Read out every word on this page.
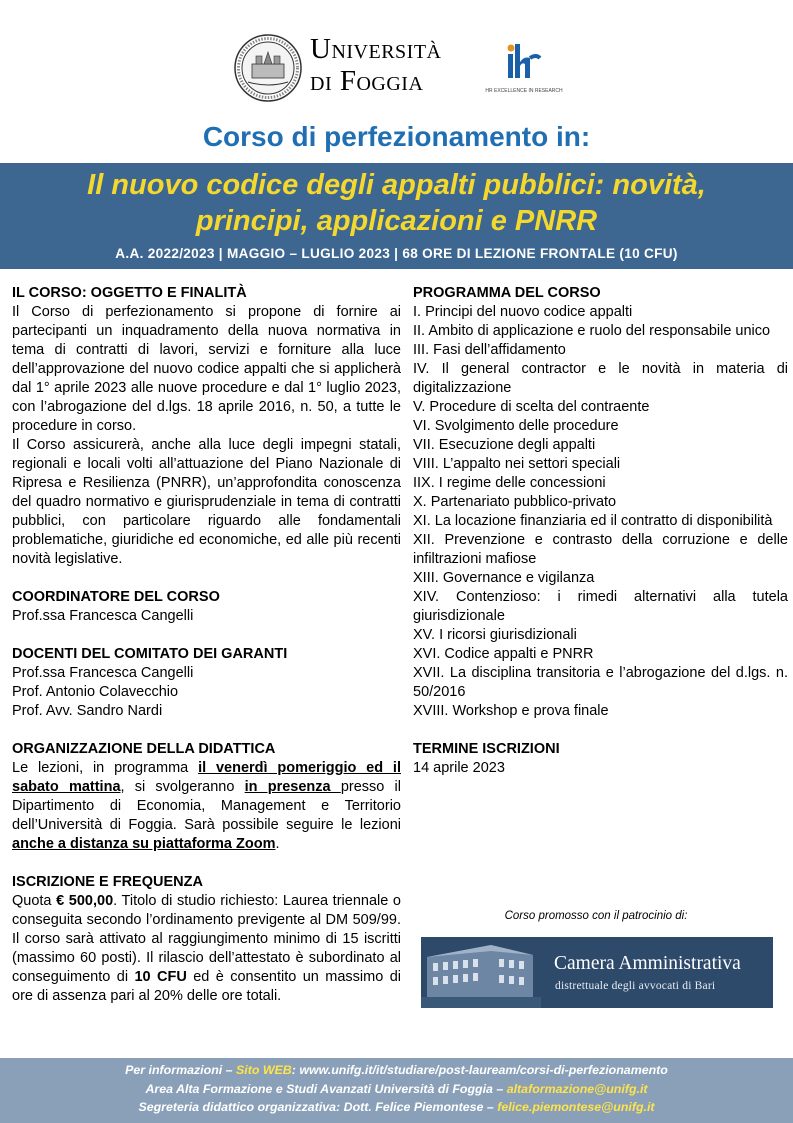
Università
di Foggia	HR EXCELLENCE IN RESEARCH
Corso di perfezionamento in:
Il nuovo codice degli appalti pubblici: novità,
principi, applicazioni e PNRR
A.A. 2022/2023 | MAGGIO – LUGLIO 2023 | 68 ORE DI LEZIONE FRONTALE (10 CFU)

IL CORSO: OGGETTO E FINALITÀ

Il Corso di perfezionamento si propone di fornire ai partecipanti un inquadramento della nuova normativa in tema di contratti di lavori, servizi e forniture alla luce dell’approvazione del nuovo codice appalti che si applicherà dal 1° aprile 2023 alle nuove procedure e dal 1° luglio 2023, con l’abrogazione del d.lgs. 18 aprile 2016, n. 50, a tutte le procedure in corso.

Il Corso assicurerà, anche alla luce degli impegni statali, regionali e locali volti all’attuazione del Piano Nazionale di Ripresa e Resilienza (PNRR), un’approfondita conoscenza del quadro normativo e giurisprudenziale in tema di contratti pubblici, con particolare riguardo alle fondamentali problematiche, giuridiche ed economiche, ed alle più recenti novità legislative.

COORDINATORE DEL CORSO

Prof.ssa Francesca Cangelli

DOCENTI DEL COMITATO DEI GARANTI

Prof.ssa Francesca Cangelli

Prof. Antonio Colavecchio

Prof. Avv. Sandro Nardi

ORGANIZZAZIONE DELLA DIDATTICA

Le lezioni, in programma il venerdì pomeriggio ed il sabato mattina, si svolgeranno in presenza presso il Dipartimento di Economia, Management e Territorio dell’Università di Foggia. Sarà possibile seguire le lezioni anche a distanza su piattaforma Zoom.

ISCRIZIONE E FREQUENZA

Quota € 500,00. Titolo di studio richiesto: Laurea triennale o conseguita secondo l’ordinamento previgente al DM 509/99. Il corso sarà attivato al raggiungimento minimo di 15 iscritti (massimo 60 posti). Il rilascio dell’attestato è subordinato al conseguimento di 10 CFU ed è consentito un massimo di ore di assenza pari al 20% delle ore totali.

PROGRAMMA DEL CORSO

I. Principi del nuovo codice appalti

II. Ambito di applicazione e ruolo del responsabile unico

III. Fasi dell’affidamento

IV. Il general contractor e le novità in materia di digitalizzazione

V. Procedure di scelta del contraente

VI. Svolgimento delle procedure

VII. Esecuzione degli appalti

VIII. L’appalto nei settori speciali

IIX. I regime delle concessioni

X. Partenariato pubblico-privato

XI. La locazione finanziaria ed il contratto di disponibilità

XII. Prevenzione e contrasto della corruzione e delle infiltrazioni mafiose

XIII. Governance e vigilanza

XIV. Contenzioso: i rimedi alternativi alla tutela giurisdizionale

XV. I ricorsi giurisdizionali

XVI. Codice appalti e PNRR

XVII. La disciplina transitoria e l’abrogazione del d.lgs. n. 50/2016

XVIII. Workshop e prova finale

TERMINE ISCRIZIONI

14 aprile 2023

Corso promosso con il patrocinio di:
Camera Amministrativa
distrettuale degli avvocati di Bari
Per informazioni – Sito WEB: www.unifg.it/it/studiare/post-lauream/corsi-di-perfezionamento
Area Alta Formazione e Studi Avanzati Università di Foggia – altaformazione@unifg.it
Segreteria didattico organizzativa: Dott. Felice Piemontese – felice.piemontese@unifg.it
